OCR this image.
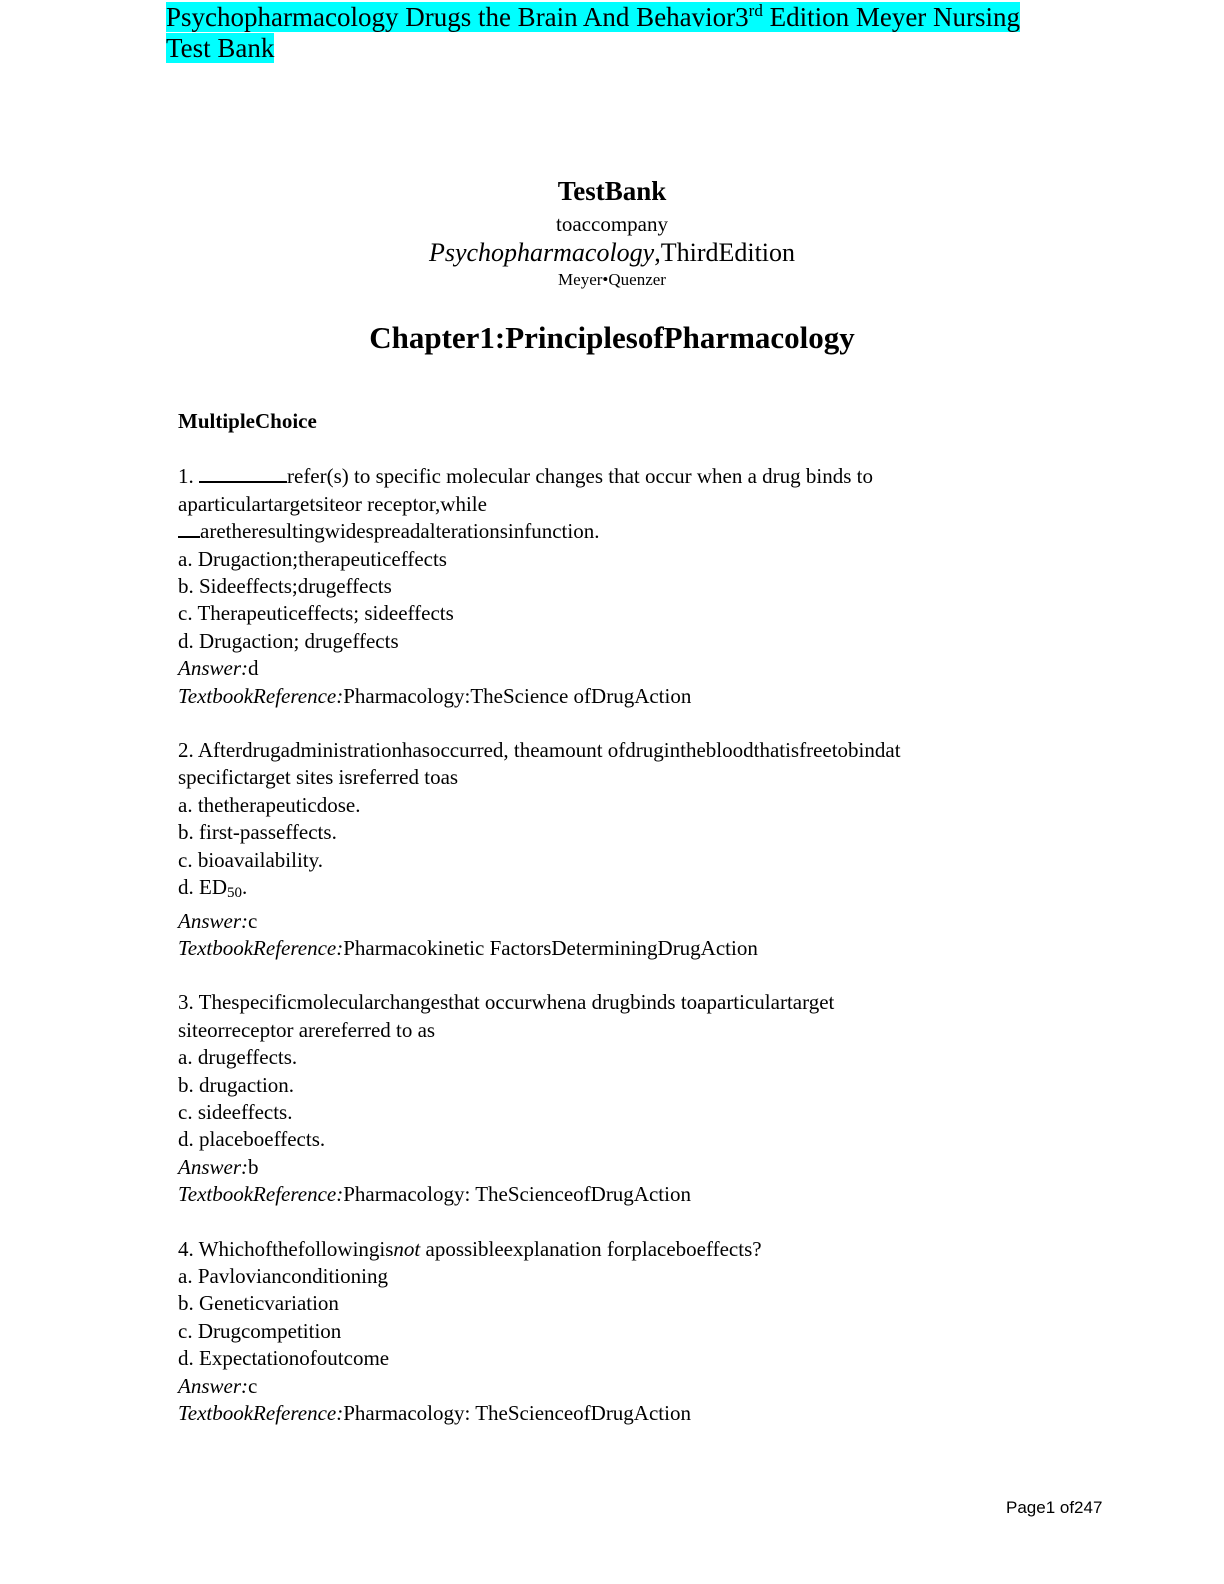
Psychopharmacology Drugs the Brain And Behavior3rd Edition Meyer Nursing
Test Bank
TestBank
toaccompany
Psychopharmacology,ThirdEdition
Meyer•Quenzer
Chapter1:PrinciplesofPharmacology
MultipleChoice
1.	refer(s) to specific molecular changes that occur when a drug binds to
aparticulartargetsiteor receptor,while
aretheresultingwidespreadalterationsinfunction.
a. Drugaction;therapeuticeffects
b. Sideeffects;drugeffects
c. Therapeuticeffects; sideeffects
d. Drugaction; drugeffects
Answer:d
TextbookReference:Pharmacology:TheScience ofDrugAction
2. Afterdrugadministrationhasoccurred, theamount ofdruginthebloodthatisfreetobindat
specifictarget sites isreferred toas
a. thetherapeuticdose.
b. first-passeffects.
c. bioavailability.
d. $ED_{50}$.
Answer:c
TextbookReference:Pharmacokinetic FactorsDeterminingDrugAction
3. Thespecificmolecularchangesthat occurwhena drugbinds toaparticulartarget
siteorreceptor arereferred to as
a. drugeffects.
b. drugaction.
c. sideeffects.
d. placeboeffects.
Answer:b
TextbookReference:Pharmacology: TheScienceofDrugAction
4. Whichofthefollowingisnot apossibleexplanation forplaceboeffects?
a. Pavlovianconditioning
b. Geneticvariation
c. Drugcompetition
d. Expectationofoutcome
Answer:c
TextbookReference:Pharmacology: TheScienceofDrugAction
Page1 of247
